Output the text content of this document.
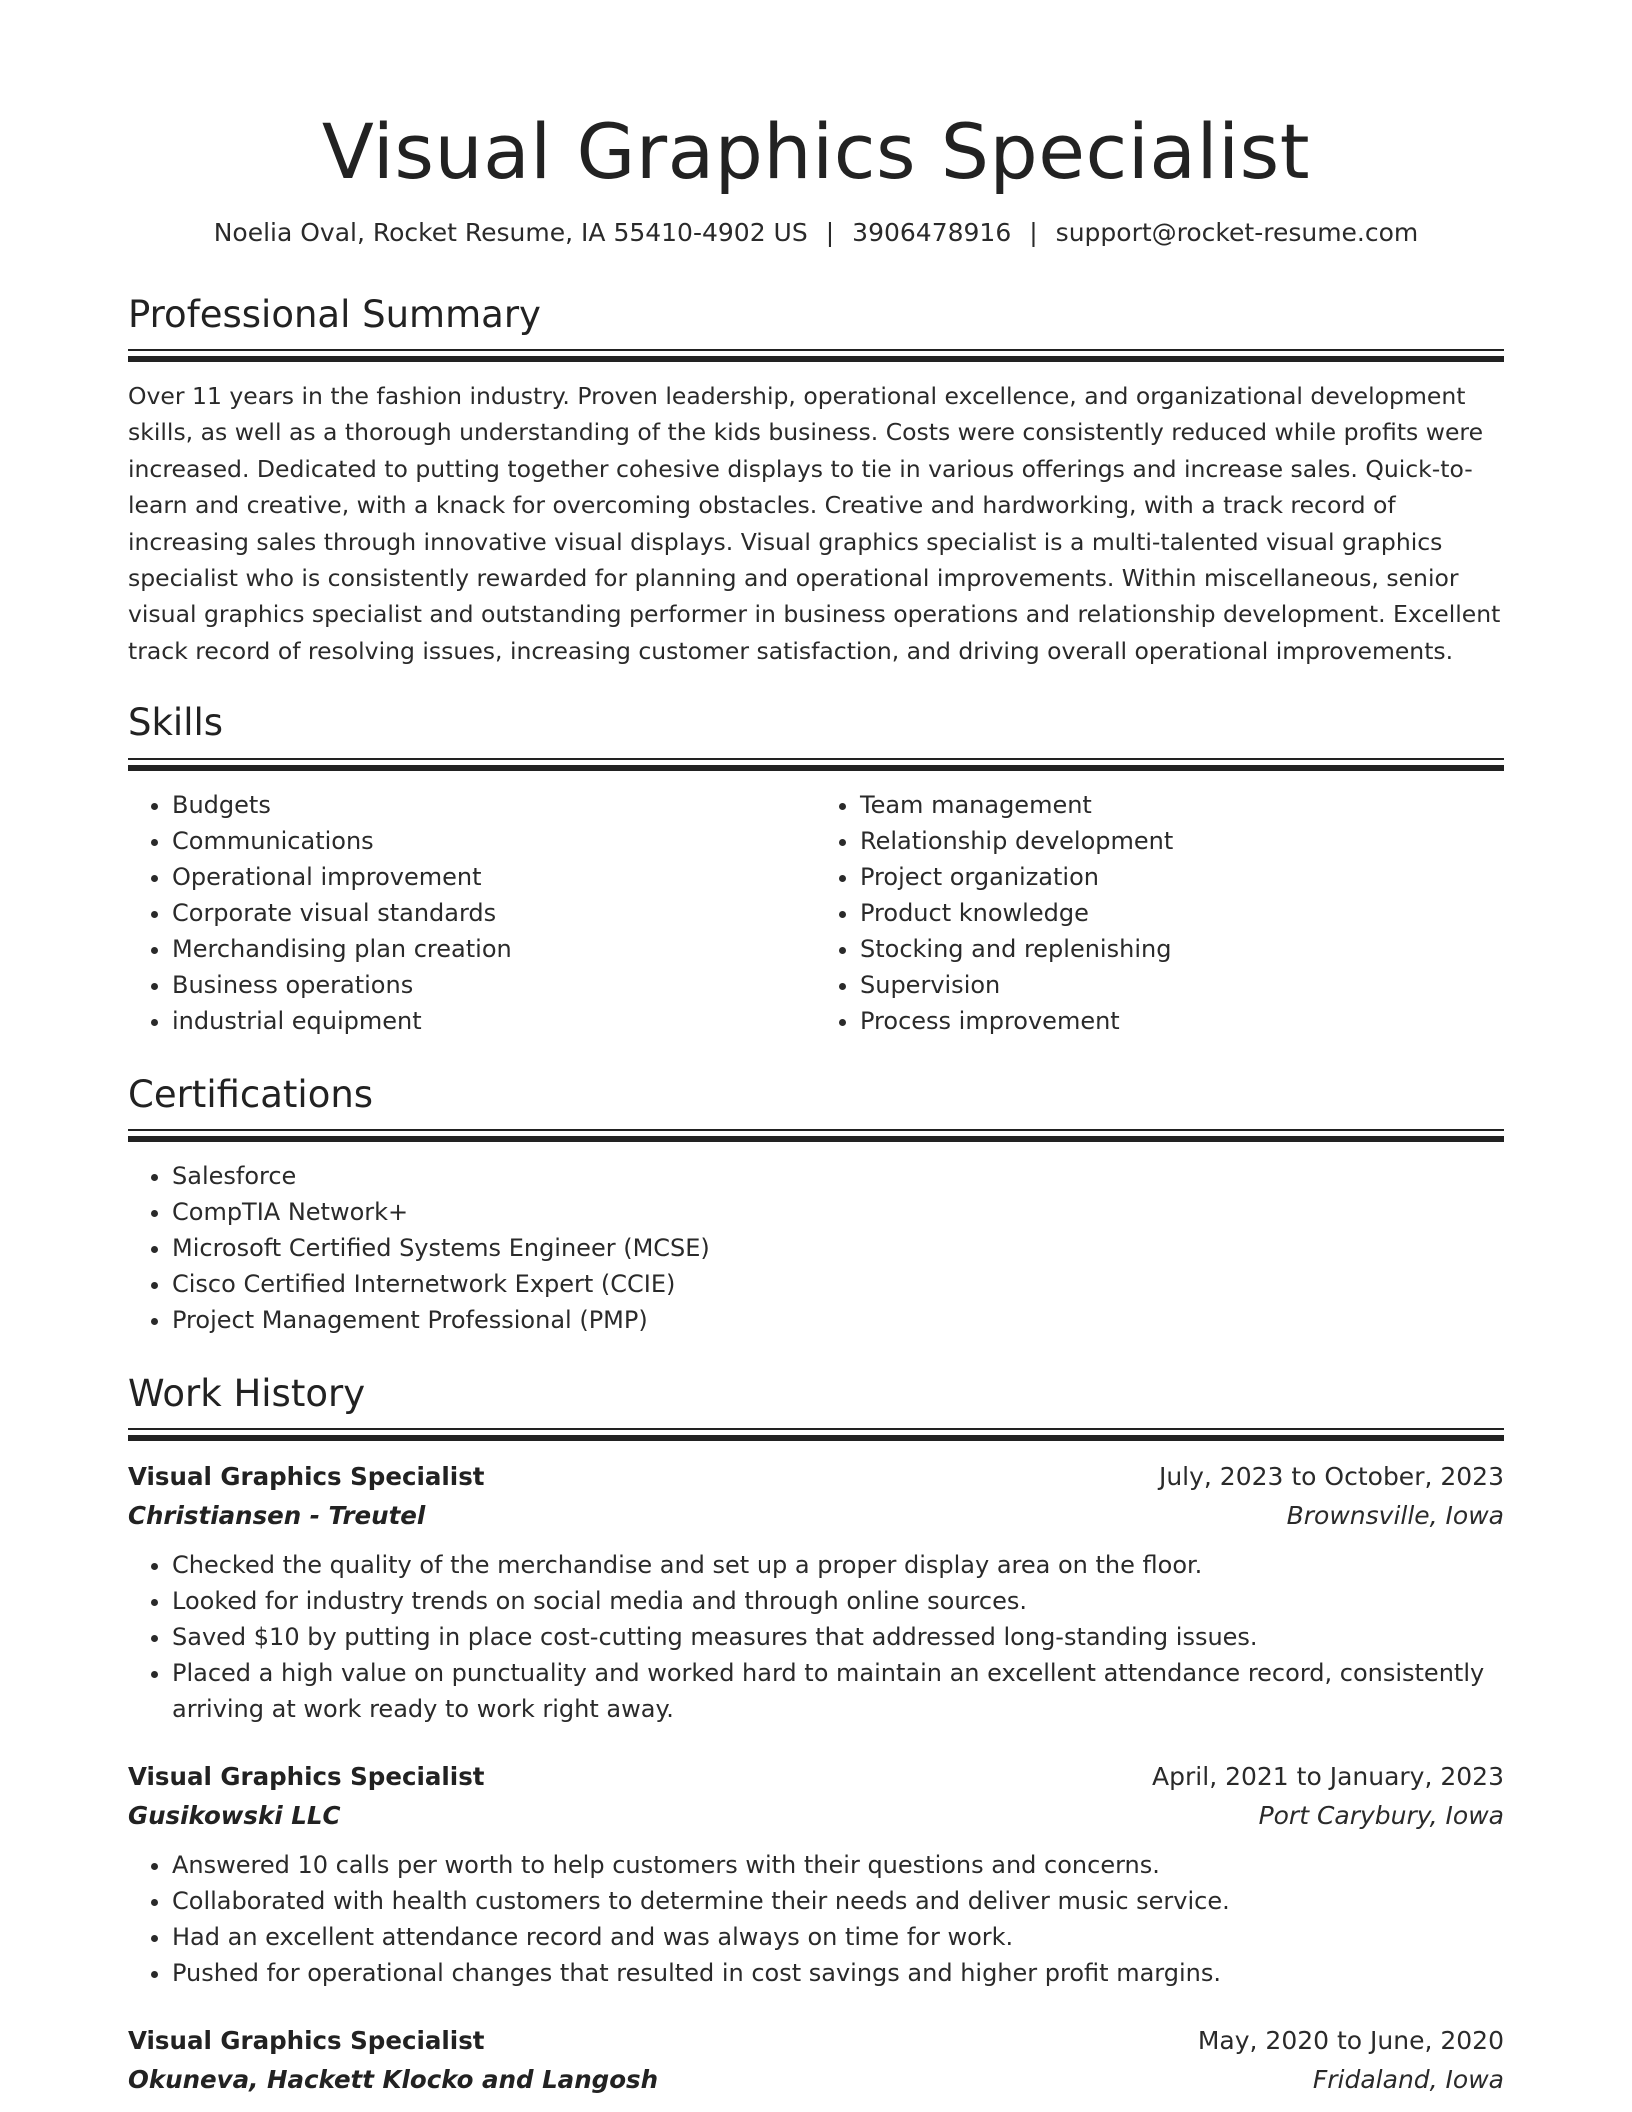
Visual Graphics Specialist
Noelia Oval, Rocket Resume, IA 55410-4902 US | 3906478916 | support@rocket-resume.com
Professional Summary

Over 11 years in the fashion industry. Proven leadership, operational excellence, and organizational development skills, as well as a thorough understanding of the kids business. Costs were consistently reduced while profits were increased. Dedicated to putting together cohesive displays to tie in various offerings and increase sales. Quick-to-learn and creative, with a knack for overcoming obstacles. Creative and hardworking, with a track record of increasing sales through innovative visual displays. Visual graphics specialist is a multi-talented visual graphics specialist who is consistently rewarded for planning and operational improvements. Within miscellaneous, senior visual graphics specialist and outstanding performer in business operations and relationship development. Excellent track record of resolving issues, increasing customer satisfaction, and driving overall operational improvements.

Skills
• Budgets
• Communications
• Operational improvement
• Corporate visual standards
• Merchandising plan creation
• Business operations
• industrial equipment
• Team management
• Relationship development
• Project organization
• Product knowledge
• Stocking and replenishing
• Supervision
• Process improvement
Certifications
• Salesforce
• CompTIA Network+
• Microsoft Certified Systems Engineer (MCSE)
• Cisco Certified Internetwork Expert (CCIE)
• Project Management Professional (PMP)
Work History
Visual Graphics Specialist	July, 2023 to October, 2023
Christiansen - Treutel	Brownsville, Iowa
• Checked the quality of the merchandise and set up a proper display area on the floor.
• Looked for industry trends on social media and through online sources.
• Saved $10 by putting in place cost-cutting measures that addressed long-standing issues.
• Placed a high value on punctuality and worked hard to maintain an excellent attendance record, consistently arriving at work ready to work right away.
Visual Graphics Specialist	April, 2021 to January, 2023
Gusikowski LLC	Port Carybury, Iowa
• Answered 10 calls per worth to help customers with their questions and concerns.
• Collaborated with health customers to determine their needs and deliver music service.
• Had an excellent attendance record and was always on time for work.
• Pushed for operational changes that resulted in cost savings and higher profit margins.
Visual Graphics Specialist	May, 2020 to June, 2020
Okuneva, Hackett Klocko and Langosh	Fridaland, Iowa
